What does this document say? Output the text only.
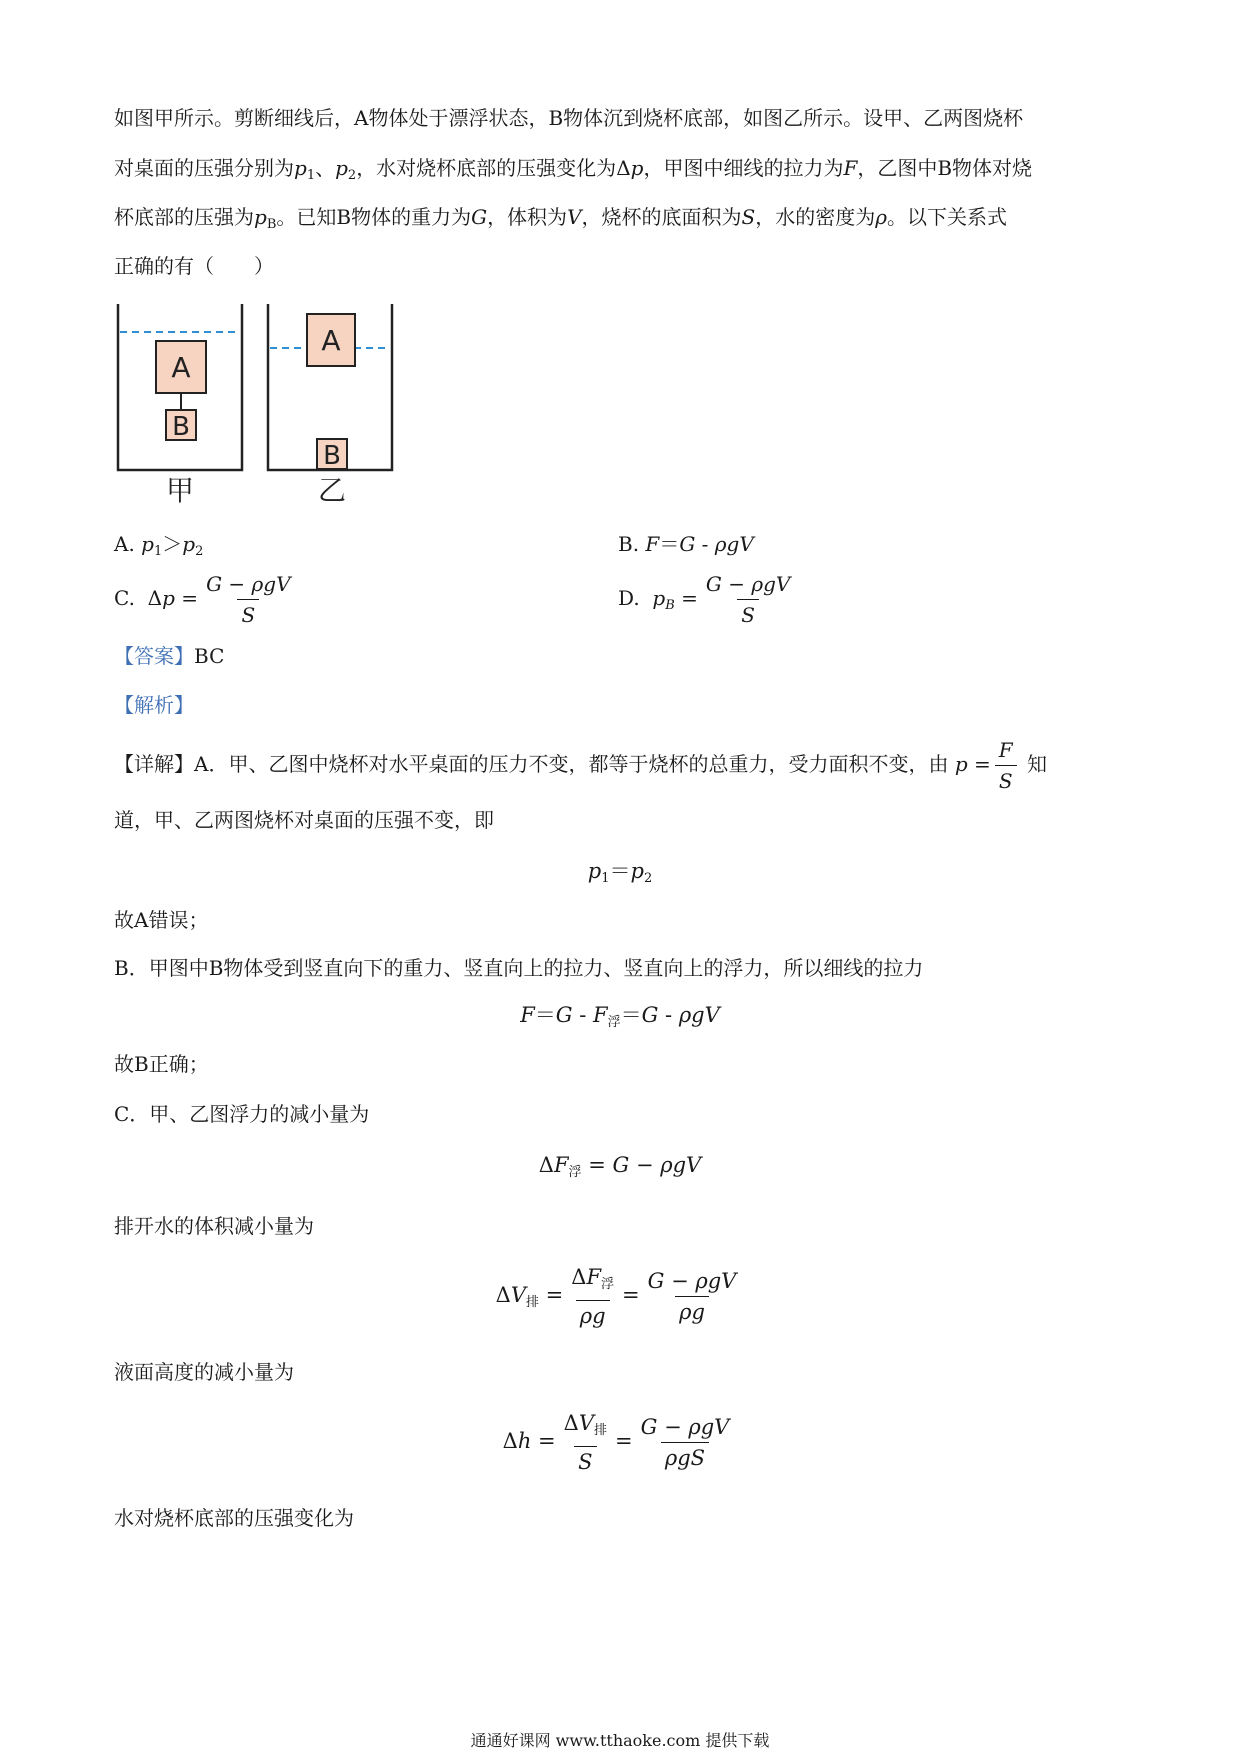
如图甲所示。剪断细线后，A物体处于漂浮状态，B物体沉到烧杯底部，如图乙所示。设甲、乙两图烧杯
对桌面的压强分别为$p_1$、$p_2$，水对烧杯底部的压强变化为Δp，甲图中细线的拉力为F，乙图中B物体对烧
杯底部的压强为$p_B$。已知B物体的重力为G，体积为V，烧杯的底面积为S，水的密度为ρ。以下关系式
正确的有（　　）
A
B
甲
A
B
乙
A. $p_1>p_2$	B. F＝G - ρgV
C. $\Delta p = \frac{\text{G − ρgV}}{S}$	D. $p_B = \frac{\text{G − ρgV}}{S}$
【答案】BC
【解析】
【详解】A．甲、乙图中烧杯对水平桌面的压力不变，都等于烧杯的总重力，受力面积不变，由 $p = \frac{F}{S}$ 知
道，甲、乙两图烧杯对桌面的压强不变，即
$p_1=p_2$
故A错误；
B．甲图中B物体受到竖直向下的重力、竖直向上的拉力、竖直向上的浮力，所以细线的拉力
$F=G - F_浮=G - \rho gV$
故B正确；
C．甲、乙图浮力的减小量为
$\Delta F_浮 = G - \rho gV$
排开水的体积减小量为
$\Delta V_排 = \frac{\Delta F_浮}{\rho g} = \frac{\text{G − ρgV}}{\rho g}$
液面高度的减小量为
$\Delta h = \frac{\Delta V_排}{S} = \frac{\text{G − ρgV}}{\text{ρgS}}$
水对烧杯底部的压强变化为
通通好课网 www.tthaoke.com 提供下载
